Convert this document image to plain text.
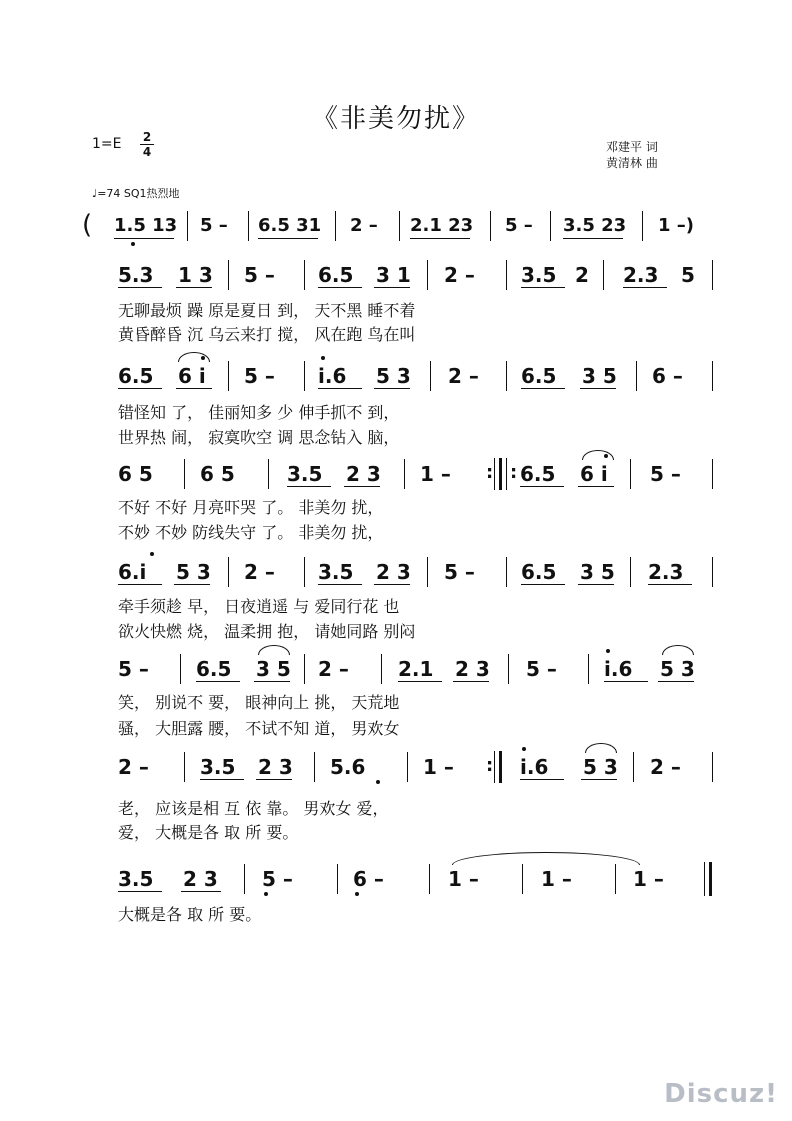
《非美勿扰》
1=E 2
4	邓建平 词
黄清林 曲
♩=74 SQ1热烈地
( 1.5 13 5 – 6.5 31 2 – 2.1 23 5 – 3.5 23 1 –)
5.3 1 3 5 – 6.5 3 1 2 – 3.5 2 2.3 5
无聊最烦 躁 原是夏日 到， 天不黑 睡不着
黄昏醉昏 沉 乌云来打 搅， 风在跑 鸟在叫
6.5 6 i 5 – i.6 5 3 2 – 6.5 3 5 6 –
错怪知 了， 佳丽知多 少 伸手抓不 到，
世界热 闹， 寂寞吹空 调 思念钻入 脑，
6 5 6 5	3.5 2 3 1 – : : 6.5 6 i 5 –
不好 不好 月亮吓哭 了。 非美勿 扰，
不妙 不妙 防线失守 了。 非美勿 扰，
6.i 5 3 2 – 3.5 2 3 5 – 6.5 3 5 2.3
牵手须趁 早， 日夜逍遥 与 爱同行花 也
欲火快燃 烧， 温柔拥 抱， 请她同路 别闷
5 – 6.5 3 5 2 – 2.1 2 3 5 – i.6 5 3
笑， 别说不 要， 眼神向上 挑， 天荒地
骚， 大胆露 腰， 不试不知 道， 男欢女
2 –	3.5 2 3 5.6	1 – : i.6 5 3 2 –
老， 应该是相 互 依 靠。 男欢女 爱，
爱， 大概是各 取 所 要。
3.5 2 3 5 –	6 –	1 –	1 –	1 –
大概是各 取 所 要。
Discuz!
